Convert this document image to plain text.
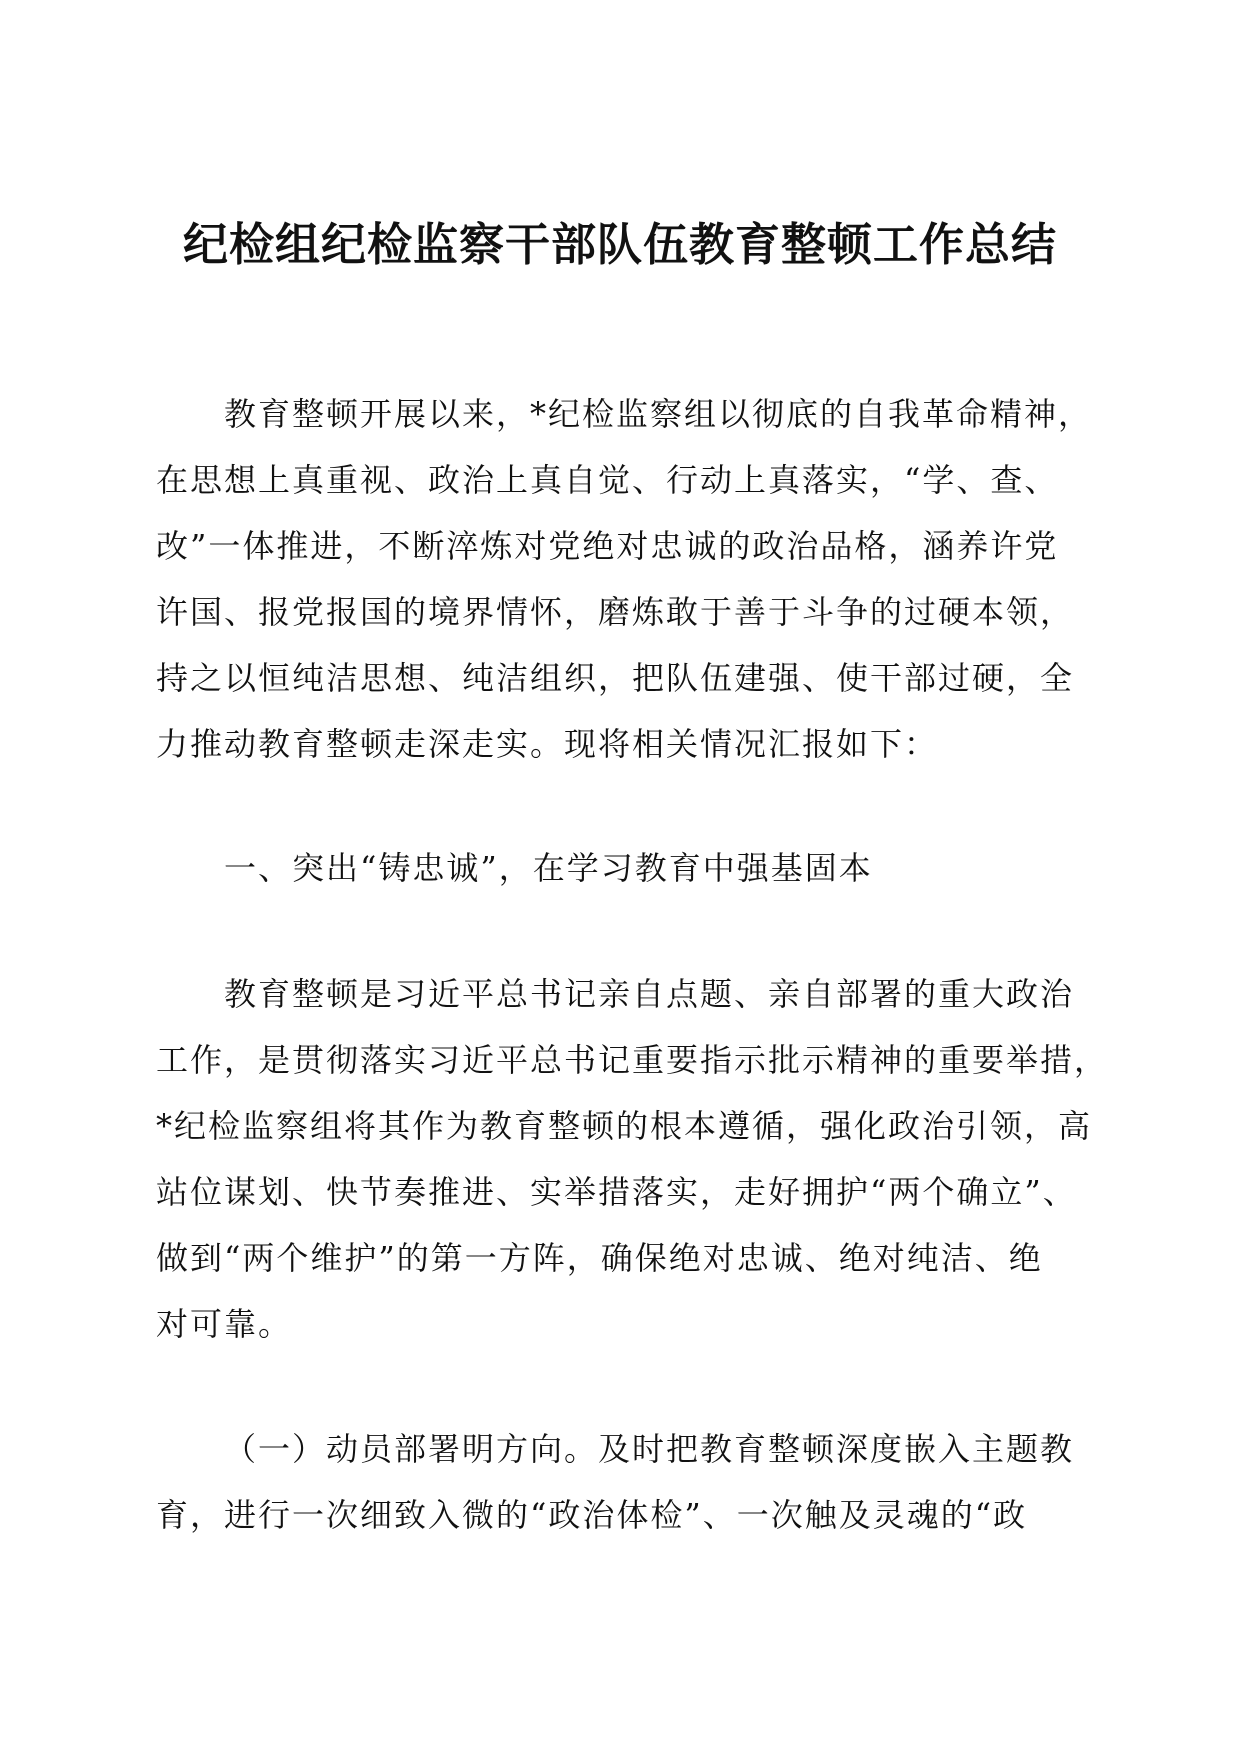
纪检组纪检监察干部队伍教育整顿工作总结
教育整顿开展以来，*纪检监察组以彻底的自我革命精神，
在思想上真重视、政治上真自觉、行动上真落实，“学、查、
改”一体推进，不断淬炼对党绝对忠诚的政治品格，涵养许党
许国、报党报国的境界情怀，磨炼敢于善于斗争的过硬本领，
持之以恒纯洁思想、纯洁组织，把队伍建强、使干部过硬，全
力推动教育整顿走深走实。现将相关情况汇报如下：
一、突出“铸忠诚”，在学习教育中强基固本
教育整顿是习近平总书记亲自点题、亲自部署的重大政治
工作，是贯彻落实习近平总书记重要指示批示精神的重要举措，
*纪检监察组将其作为教育整顿的根本遵循，强化政治引领，高
站位谋划、快节奏推进、实举措落实，走好拥护“两个确立”、
做到“两个维护”的第一方阵，确保绝对忠诚、绝对纯洁、绝
对可靠。
（一）动员部署明方向。及时把教育整顿深度嵌入主题教
育，进行一次细致入微的“政治体检”、一次触及灵魂的“政
